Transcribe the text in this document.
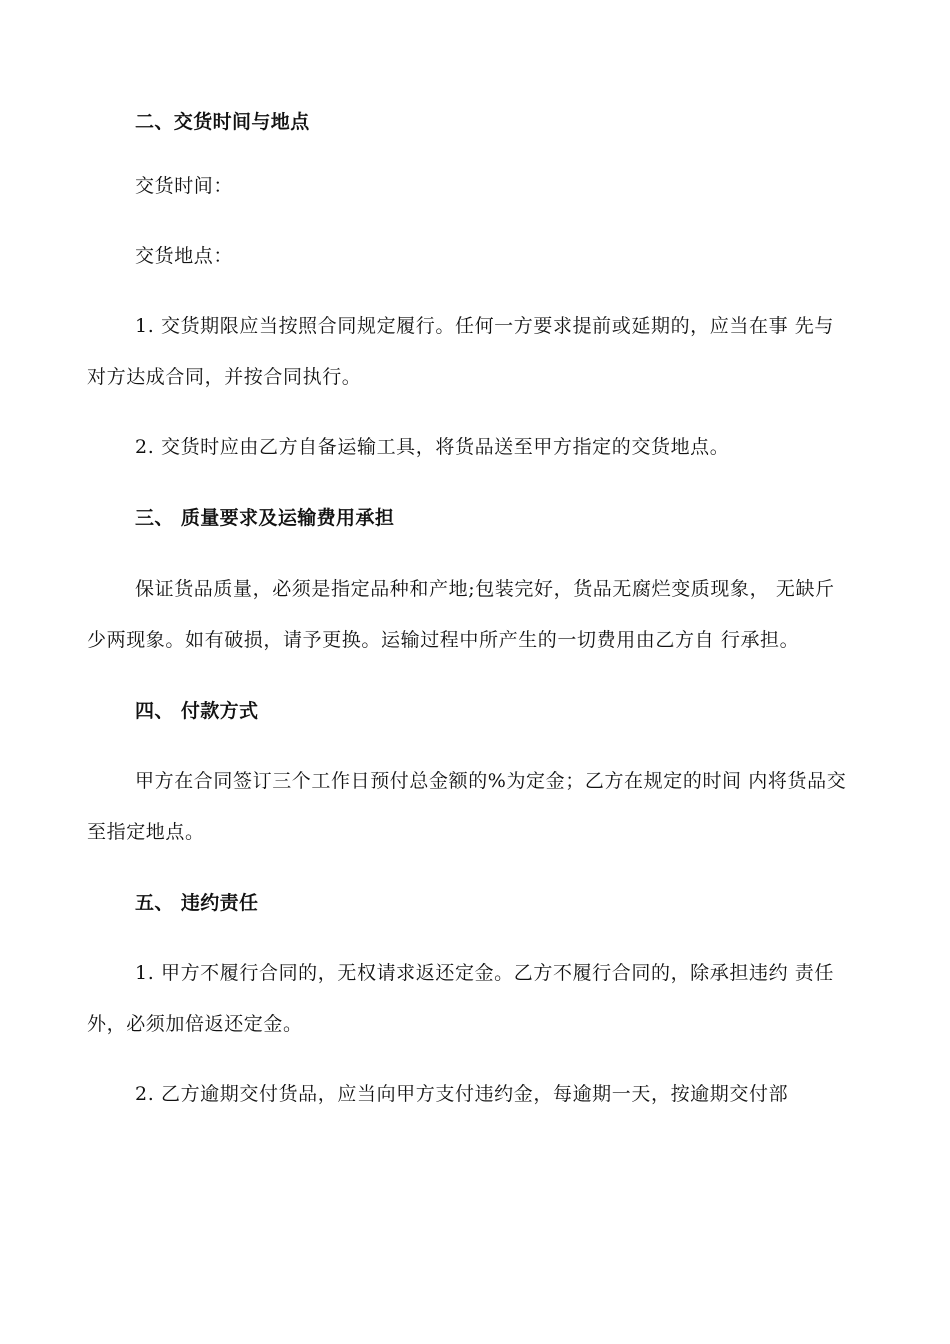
二、交货时间与地点
交货时间：
交货地点：
1. 交货期限应当按照合同规定履行。任何一方要求提前或延期的，应当在事 先与
对方达成合同，并按合同执行。
2. 交货时应由乙方自备运输工具，将货品送至甲方指定的交货地点。
三、 质量要求及运输费用承担
保证货品质量，必须是指定品种和产地;包装完好，货品无腐烂变质现象， 无缺斤
少两现象。如有破损，请予更换。运输过程中所产生的一切费用由乙方自 行承担。
四、 付款方式
甲方在合同签订三个工作日预付总金额的%为定金；乙方在规定的时间 内将货品交
至指定地点。
五、 违约责任
1. 甲方不履行合同的，无权请求返还定金。乙方不履行合同的，除承担违约 责任
外，必须加倍返还定金。
2. 乙方逾期交付货品，应当向甲方支付违约金，每逾期一天，按逾期交付部
